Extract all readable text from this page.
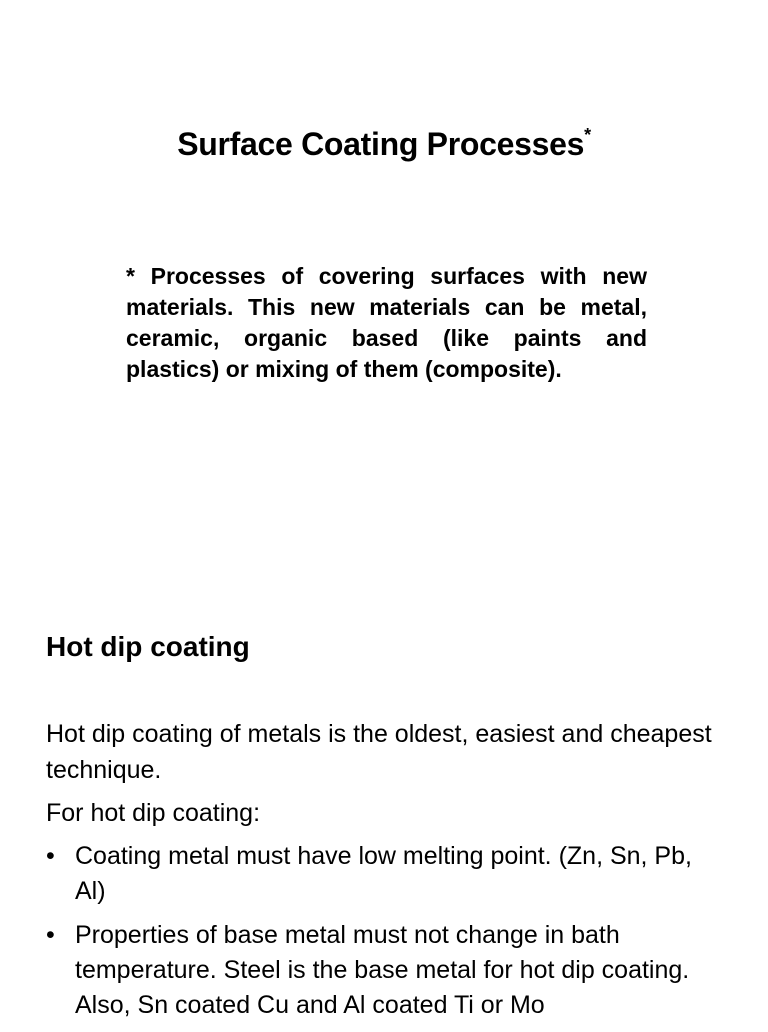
Surface Coating Processes*

* Processes of covering surfaces with new materials. This new materials can be metal, ceramic, organic based (like paints and plastics) or mixing of them (composite).

Hot dip coating

Hot dip coating of metals is the oldest, easiest and cheapest technique.

For hot dip coating:

• Coating metal must have low melting point. (Zn, Sn, Pb, Al)
• Properties of base metal must not change in bath temperature. Steel is the base metal for hot dip coating. Also, Sn coated Cu and Al coated Ti or Mo
